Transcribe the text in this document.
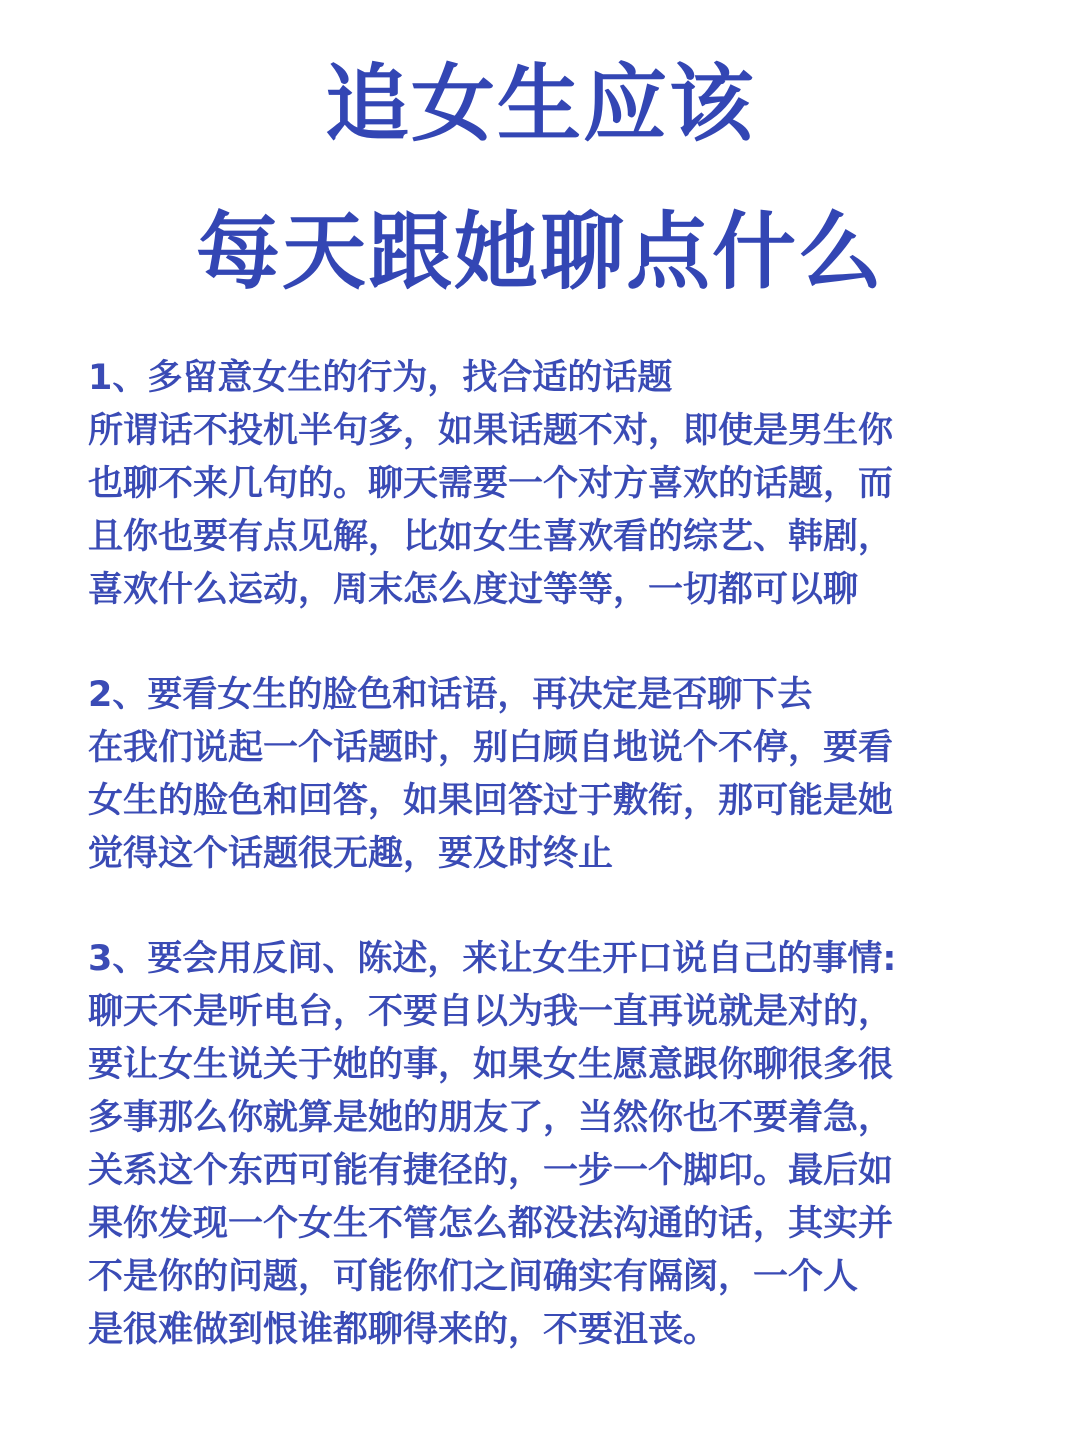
追女生应该
每天跟她聊点什么
1、多留意女生的行为，找合适的话题
所谓话不投机半句多，如果话题不对，即使是男生你
也聊不来几句的。聊天需要一个对方喜欢的话题，而
且你也要有点见解，比如女生喜欢看的综艺、韩剧，
喜欢什么运动，周末怎么度过等等，一切都可以聊
2、要看女生的脸色和话语，再决定是否聊下去
在我们说起一个话题时，别白顾自地说个不停，要看
女生的脸色和回答，如果回答过于敷衔，那可能是她
觉得这个话题很无趣，要及时终止
3、要会用反间、陈述，来让女生开口说自己的事情:
聊天不是听电台，不要自以为我一直再说就是对的，
要让女生说关于她的事，如果女生愿意跟你聊很多很
多事那么你就算是她的朋友了，当然你也不要着急，
关系这个东西可能有捷径的，一步一个脚印。最后如
果你发现一个女生不管怎么都没法沟通的话，其实并
不是你的问题，可能你们之间确实有隔阂，一个人
是很难做到恨谁都聊得来的，不要沮丧。
